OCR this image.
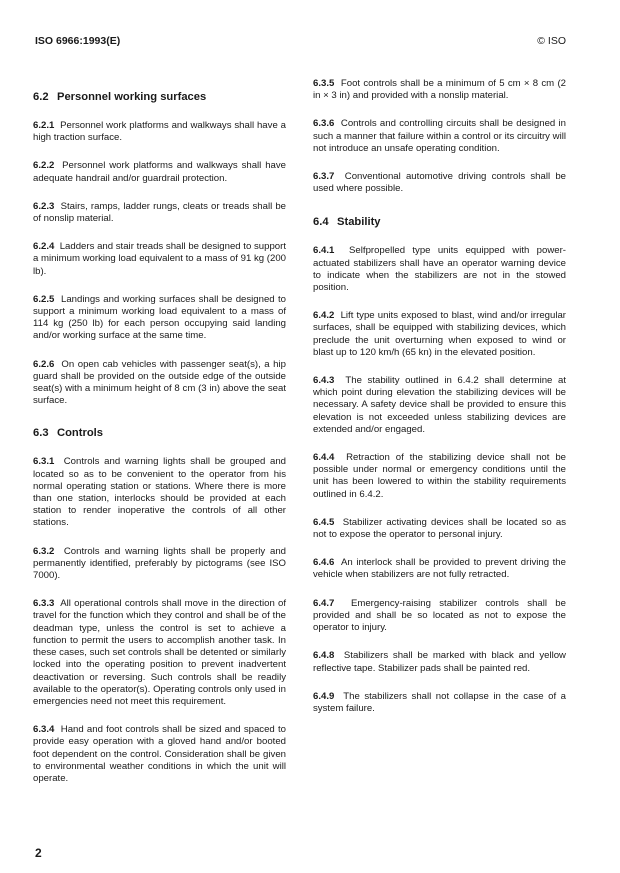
ISO 6966:1993(E)	© ISO
6.2 Personnel working surfaces

6.2.1 Personnel work platforms and walkways shall have a high traction surface.

6.2.2 Personnel work platforms and walkways shall have adequate handrail and/or guardrail protection.

6.2.3 Stairs, ramps, ladder rungs, cleats or treads shall be of nonslip material.

6.2.4 Ladders and stair treads shall be designed to support a minimum working load equivalent to a mass of 91 kg (200 lb).

6.2.5 Landings and working surfaces shall be designed to support a minimum working load equivalent to a mass of 114 kg (250 lb) for each person occupying said landing and/or working surface at the same time.

6.2.6 On open cab vehicles with passenger seat(s), a hip guard shall be provided on the outside edge of the outside seat(s) with a minimum height of 8 cm (3 in) above the seat surface.

6.3 Controls

6.3.1 Controls and warning lights shall be grouped and located so as to be convenient to the operator from his normal operating station or stations. Where there is more than one station, interlocks should be provided at each station to render inoperative the controls of all other stations.

6.3.2 Controls and warning lights shall be properly and permanently identified, preferably by pictograms (see ISO 7000).

6.3.3 All operational controls shall move in the direction of travel for the function which they control and shall be of the deadman type, unless the control is set to achieve a function to permit the users to accomplish another task. In these cases, such set controls shall be detented or similarly locked into the operating position to prevent inadvertent deactivation or reversing. Such controls shall be readily available to the operator(s). Operating controls only used in emergencies need not meet this requirement.

6.3.4 Hand and foot controls shall be sized and spaced to provide easy operation with a gloved hand and/or booted foot dependent on the control. Consideration shall be given to environmental weather conditions in which the unit will operate.

6.3.5 Foot controls shall be a minimum of 5 cm × 8 cm (2 in × 3 in) and provided with a nonslip material.

6.3.6 Controls and controlling circuits shall be designed in such a manner that failure within a control or its circuitry will not introduce an unsafe operating condition.

6.3.7 Conventional automotive driving controls shall be used where possible.

6.4 Stability

6.4.1 Selfpropelled type units equipped with power-actuated stabilizers shall have an operator warning device to indicate when the stabilizers are not in the stowed position.

6.4.2 Lift type units exposed to blast, wind and/or irregular surfaces, shall be equipped with stabilizing devices, which preclude the unit overturning when exposed to wind or blast up to 120 km/h (65 kn) in the elevated position.

6.4.3 The stability outlined in 6.4.2 shall determine at which point during elevation the stabilizing devices will be necessary. A safety device shall be provided to ensure this elevation is not exceeded unless stabilizing devices are extended and/or engaged.

6.4.4 Retraction of the stabilizing device shall not be possible under normal or emergency conditions until the unit has been lowered to within the stability requirements outlined in 6.4.2.

6.4.5 Stabilizer activating devices shall be located so as not to expose the operator to personal injury.

6.4.6 An interlock shall be provided to prevent driving the vehicle when stabilizers are not fully retracted.

6.4.7 Emergency-raising stabilizer controls shall be provided and shall be so located as not to expose the operator to injury.

6.4.8 Stabilizers shall be marked with black and yellow reflective tape. Stabilizer pads shall be painted red.

6.4.9 The stabilizers shall not collapse in the case of a system failure.

2
